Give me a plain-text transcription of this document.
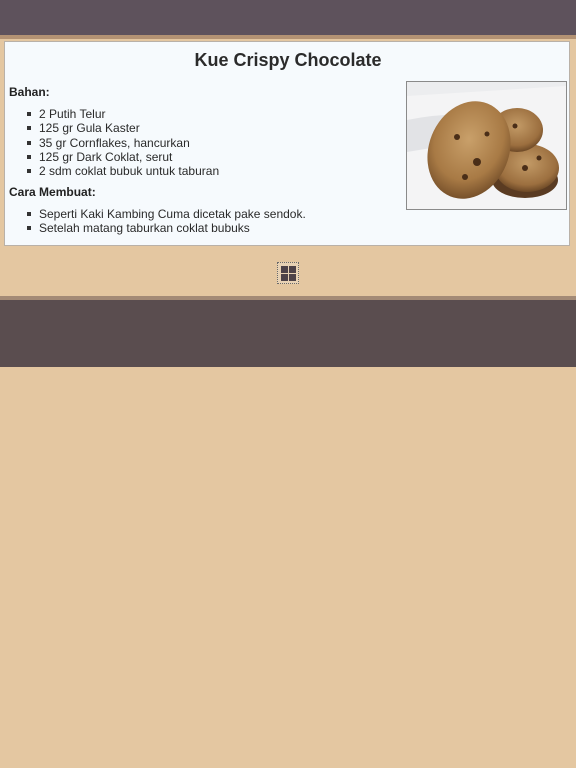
Kue Crispy Chocolate
Bahan:
2 Putih Telur
125 gr Gula Kaster
35 gr Cornflakes, hancurkan
125 gr Dark Coklat, serut
2 sdm coklat bubuk untuk taburan
Cara Membuat:
Seperti Kaki Kambing Cuma dicetak pake sendok.
Setelah matang taburkan coklat bubuks
